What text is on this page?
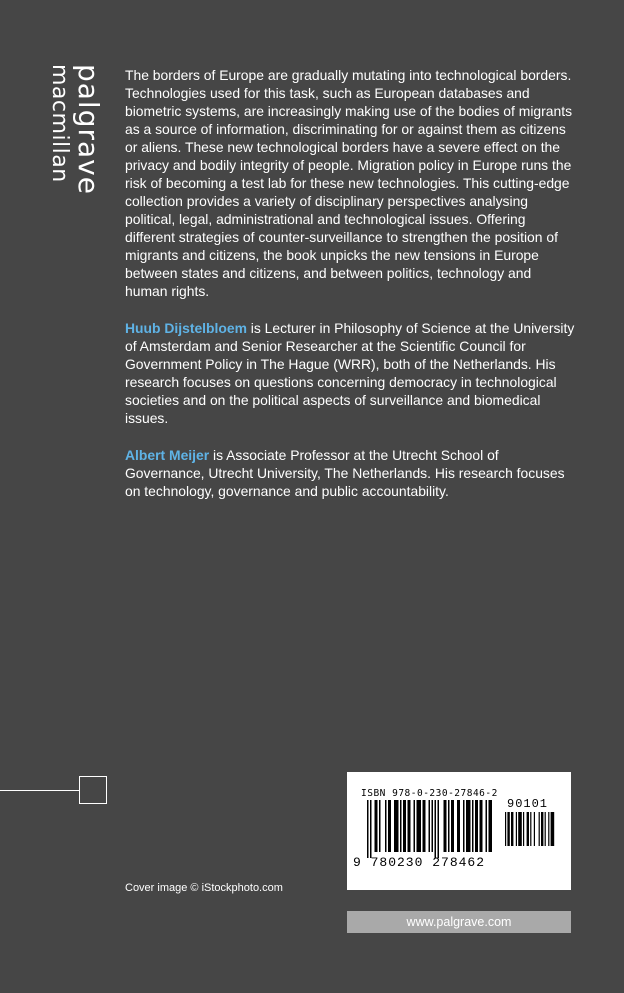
palgrave
macmillan	The borders of Europe are gradually mutating into technological borders. Technologies used for this task, such as European databases and biometric systems, are increasingly making use of the bodies of migrants as a source of information, discriminating for or against them as citizens or aliens. These new technological borders have a severe effect on the privacy and bodily integrity of people. Migration policy in Europe runs the risk of becoming a test lab for these new technologies. This cutting-edge collection provides a variety of disciplinary perspectives analysing political, legal, administrational and technological issues. Offering different strategies of counter-surveillance to strengthen the position of migrants and citizens, the book unpicks the new tensions in Europe between states and citizens, and between politics, technology and human rights.

Huub Dijstelbloem is Lecturer in Philosophy of Science at the University of Amsterdam and Senior Researcher at the Scientific Council for Government Policy in The Hague (WRR), both of the Netherlands. His research focuses on questions concerning democracy in technological societies and on the political aspects of surveillance and biomedical issues.

Albert Meijer is Associate Professor at the Utrecht School of Governance, Utrecht University, The Netherlands. His research focuses on technology, governance and public accountability.

Cover image © iStockphoto.com
ISBN 978-0-230-27846-2
9 780230 278462
90101
www.palgrave.com
